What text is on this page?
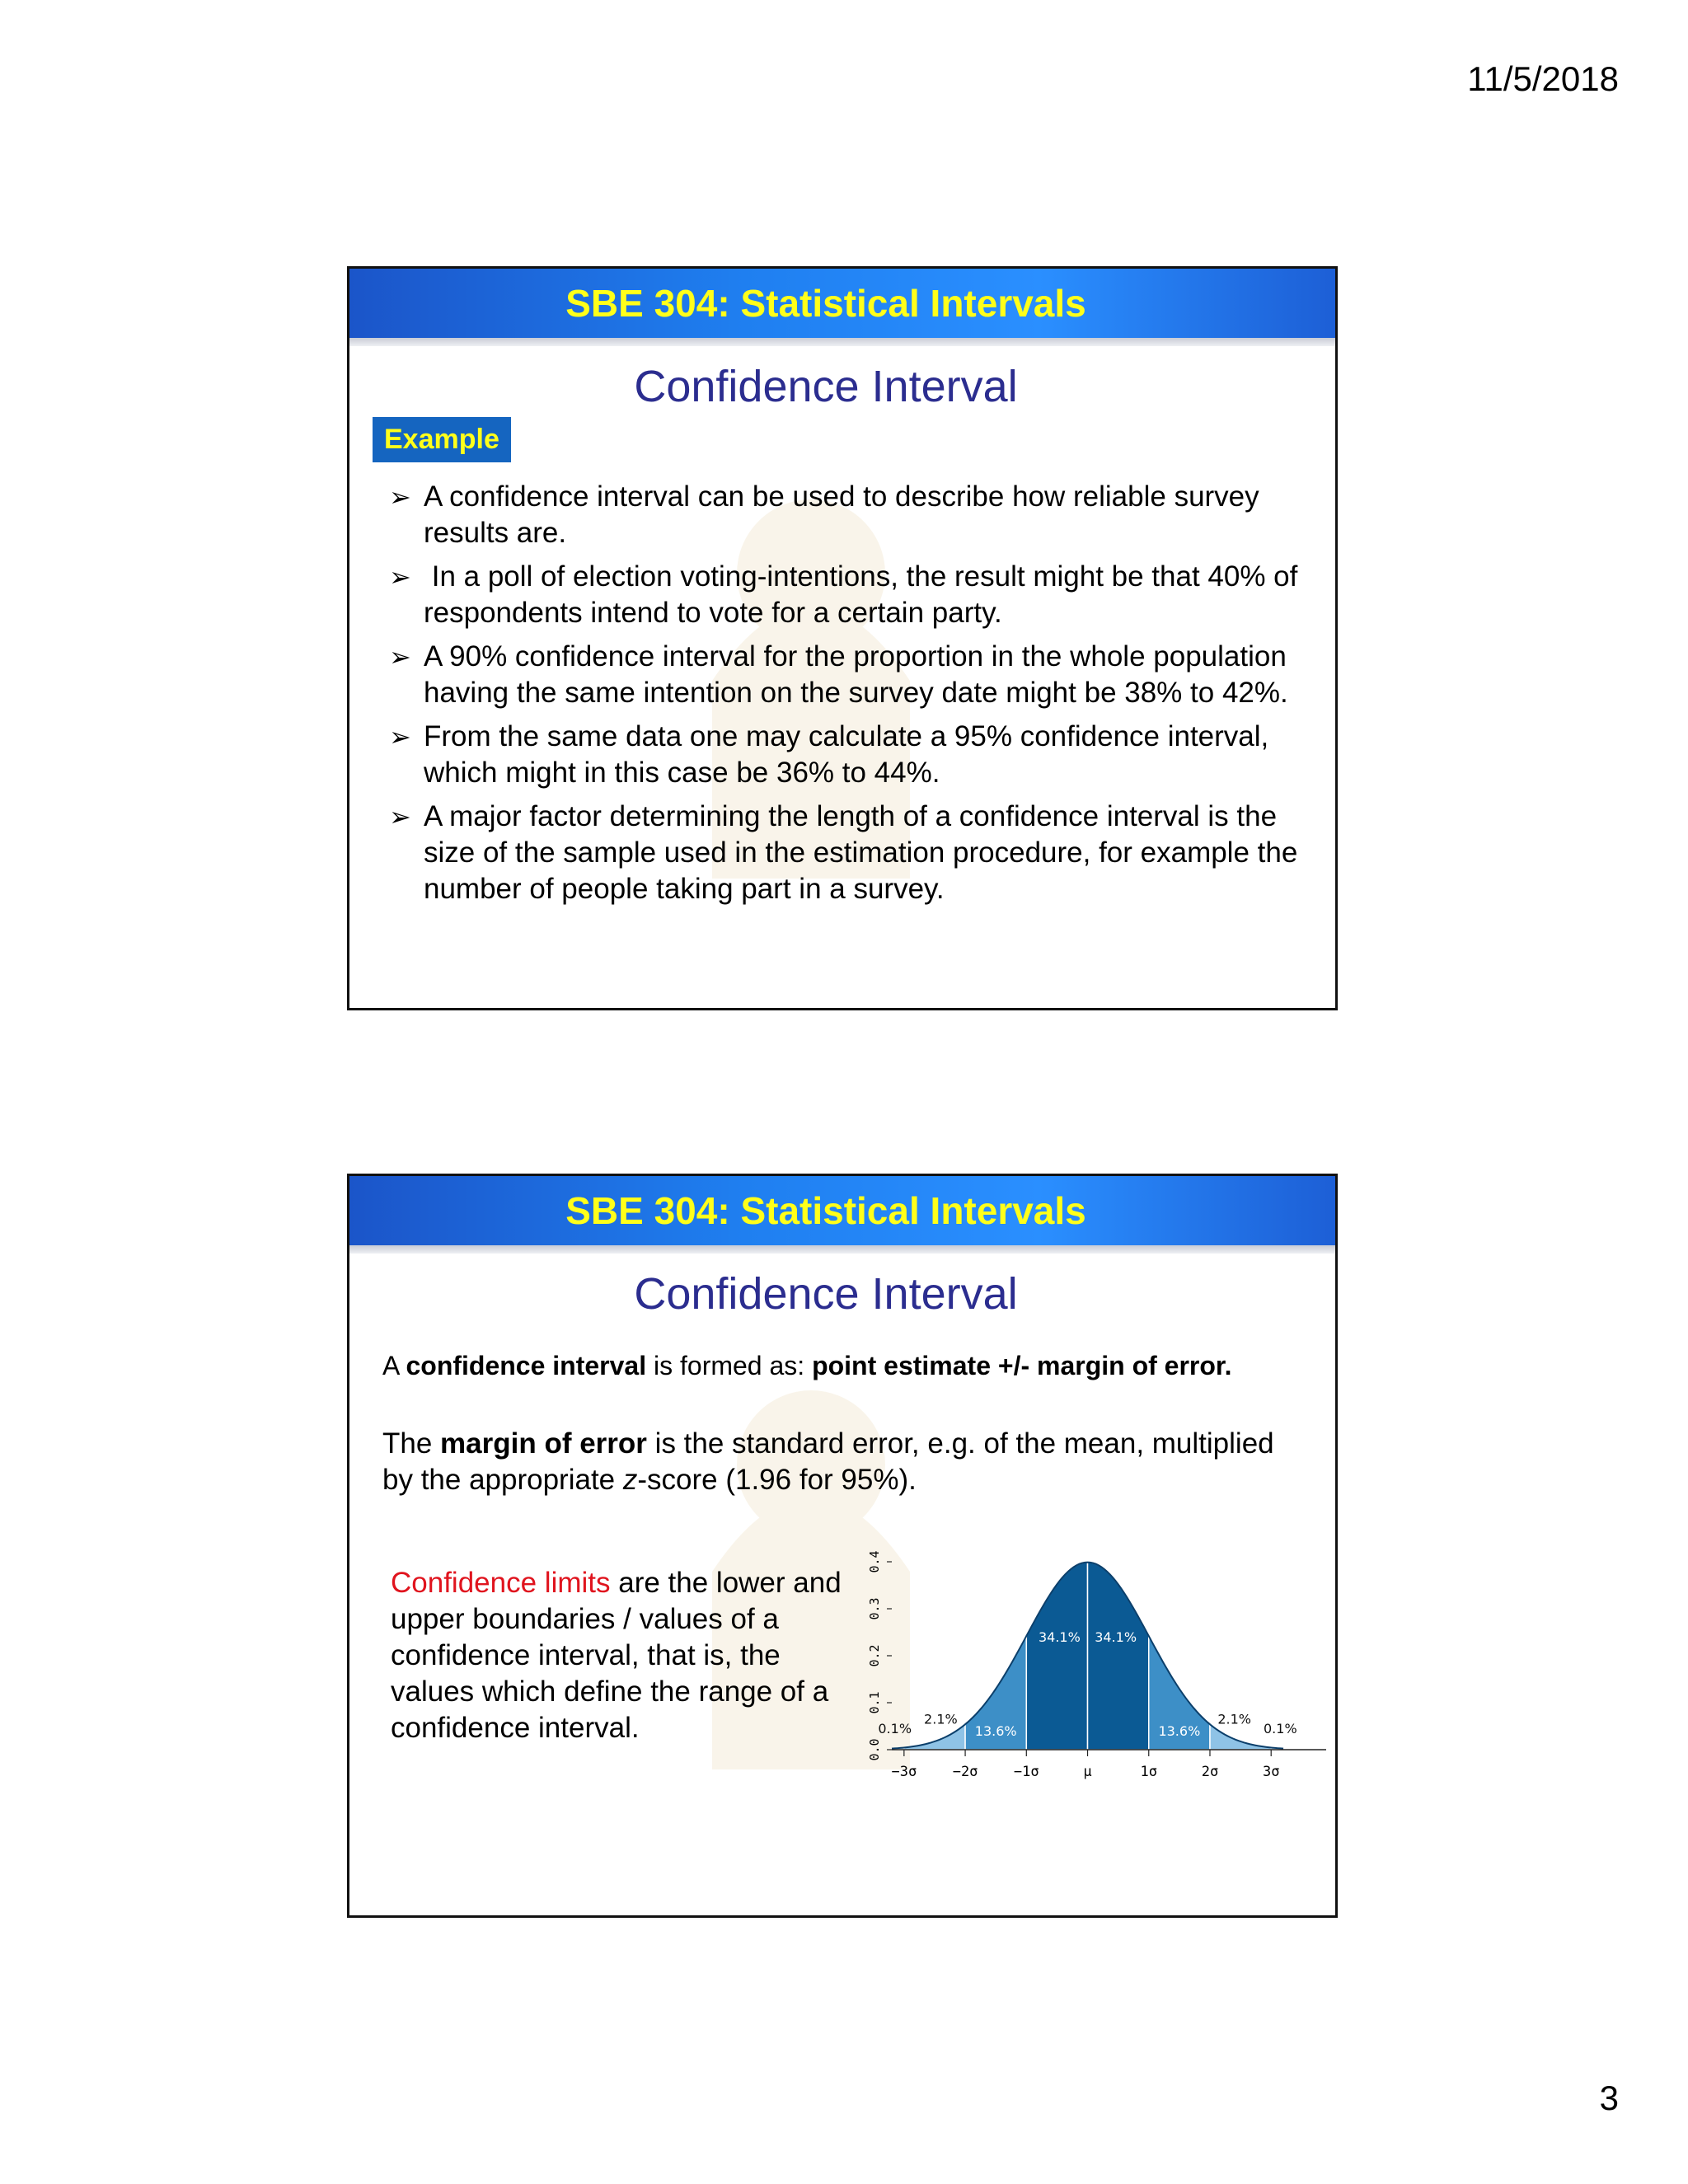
11/5/2018
SBE 304: Statistical Intervals
Confidence Interval
Example
➢ A confidence interval can be used to describe how reliable survey results are.
➢ In a poll of election voting-intentions, the result might be that 40% of respondents intend to vote for a certain party.
➢ A 90% confidence interval for the proportion in the whole population having the same intention on the survey date might be 38% to 42%.
➢ From the same data one may calculate a 95% confidence interval, which might in this case be 36% to 44%.
➢ A major factor determining the length of a confidence interval is the size of the sample used in the estimation procedure, for example the number of people taking part in a survey.
SBE 304: Statistical Intervals
Confidence Interval
A confidence interval is formed as: point estimate +/- margin of error.
The margin of error is the standard error, e.g. of the mean, multiplied by the appropriate z-score (1.96 for 95%).
Confidence limits are the lower and upper boundaries / values of a confidence interval, that is, the values which define the range of a confidence interval.
0.0
0.1
0.2
0.3
0.4
−3σ	−2σ	−1σ	μ	1σ	2σ	3σ
2.1%
13.6%
34.1% 34.1%
13.6%
2.1%
0.1%	0.1%
3
